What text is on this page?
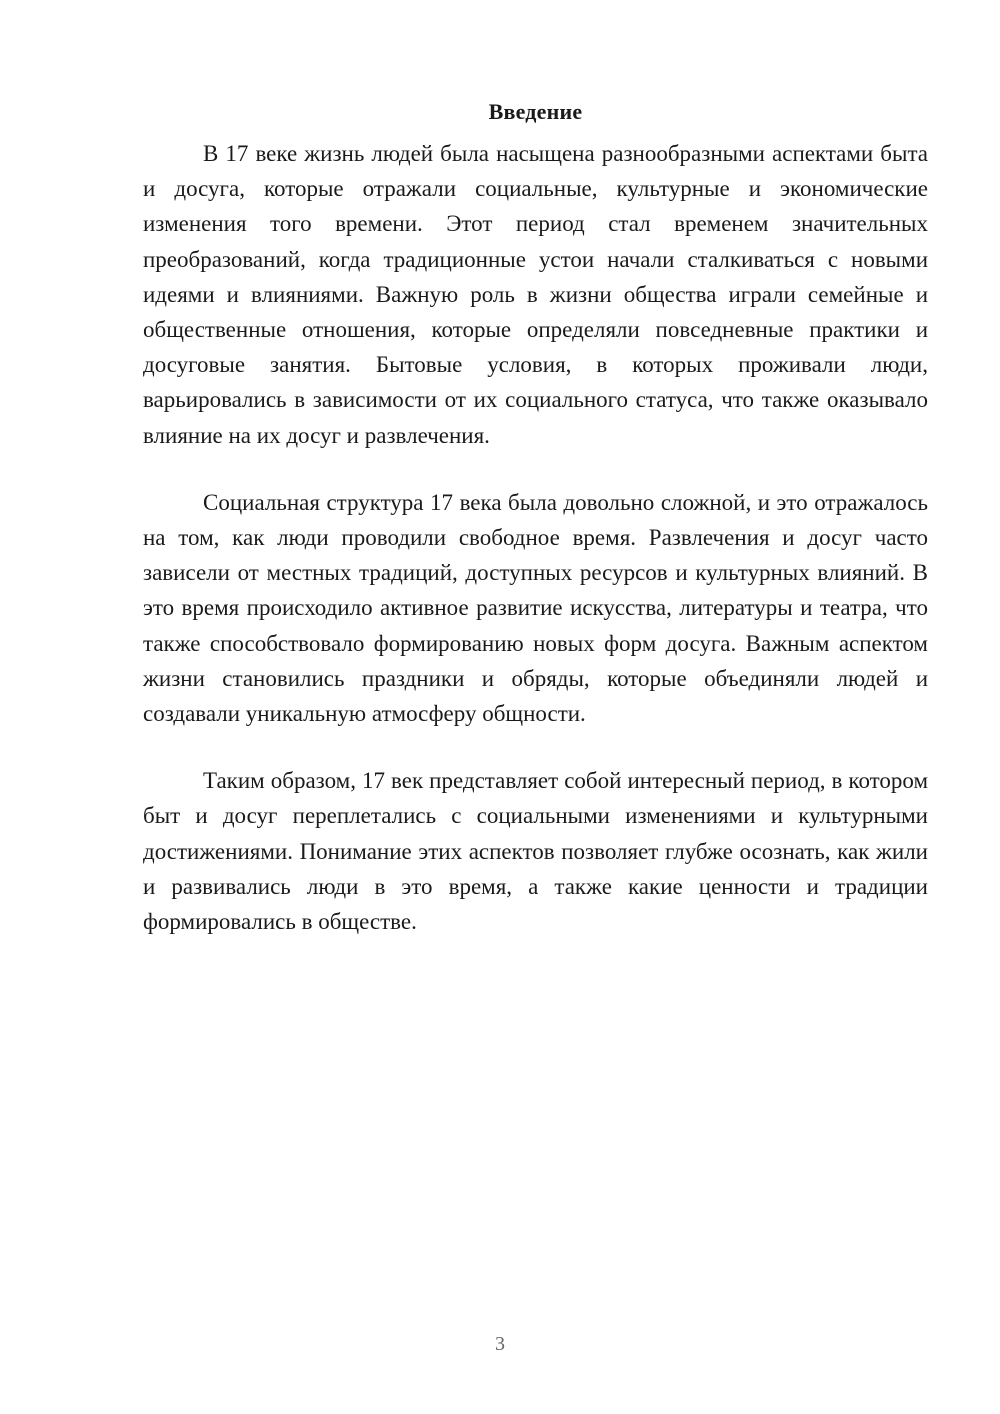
Введение

В 17 веке жизнь людей была насыщена разнообразными аспектами быта и досуга, которые отражали социальные, культурные и экономические изменения того времени. Этот период стал временем значительных преобразований, когда традиционные устои начали сталкиваться с новыми идеями и влияниями. Важную роль в жизни общества играли семейные и общественные отношения, которые определяли повседневные практики и досуговые занятия. Бытовые условия, в которых проживали люди, варьировались в зависимости от их социального статуса, что также оказывало влияние на их досуг и развлечения.

Социальная структура 17 века была довольно сложной, и это отражалось на том, как люди проводили свободное время. Развлечения и досуг часто зависели от местных традиций, доступных ресурсов и культурных влияний. В это время происходило активное развитие искусства, литературы и театра, что также способствовало формированию новых форм досуга. Важным аспектом жизни становились праздники и обряды, которые объединяли людей и создавали уникальную атмосферу общности.

Таким образом, 17 век представляет собой интересный период, в котором быт и досуг переплетались с социальными изменениями и культурными достижениями. Понимание этих аспектов позволяет глубже осознать, как жили и развивались люди в это время, а также какие ценности и традиции формировались в обществе.

3
